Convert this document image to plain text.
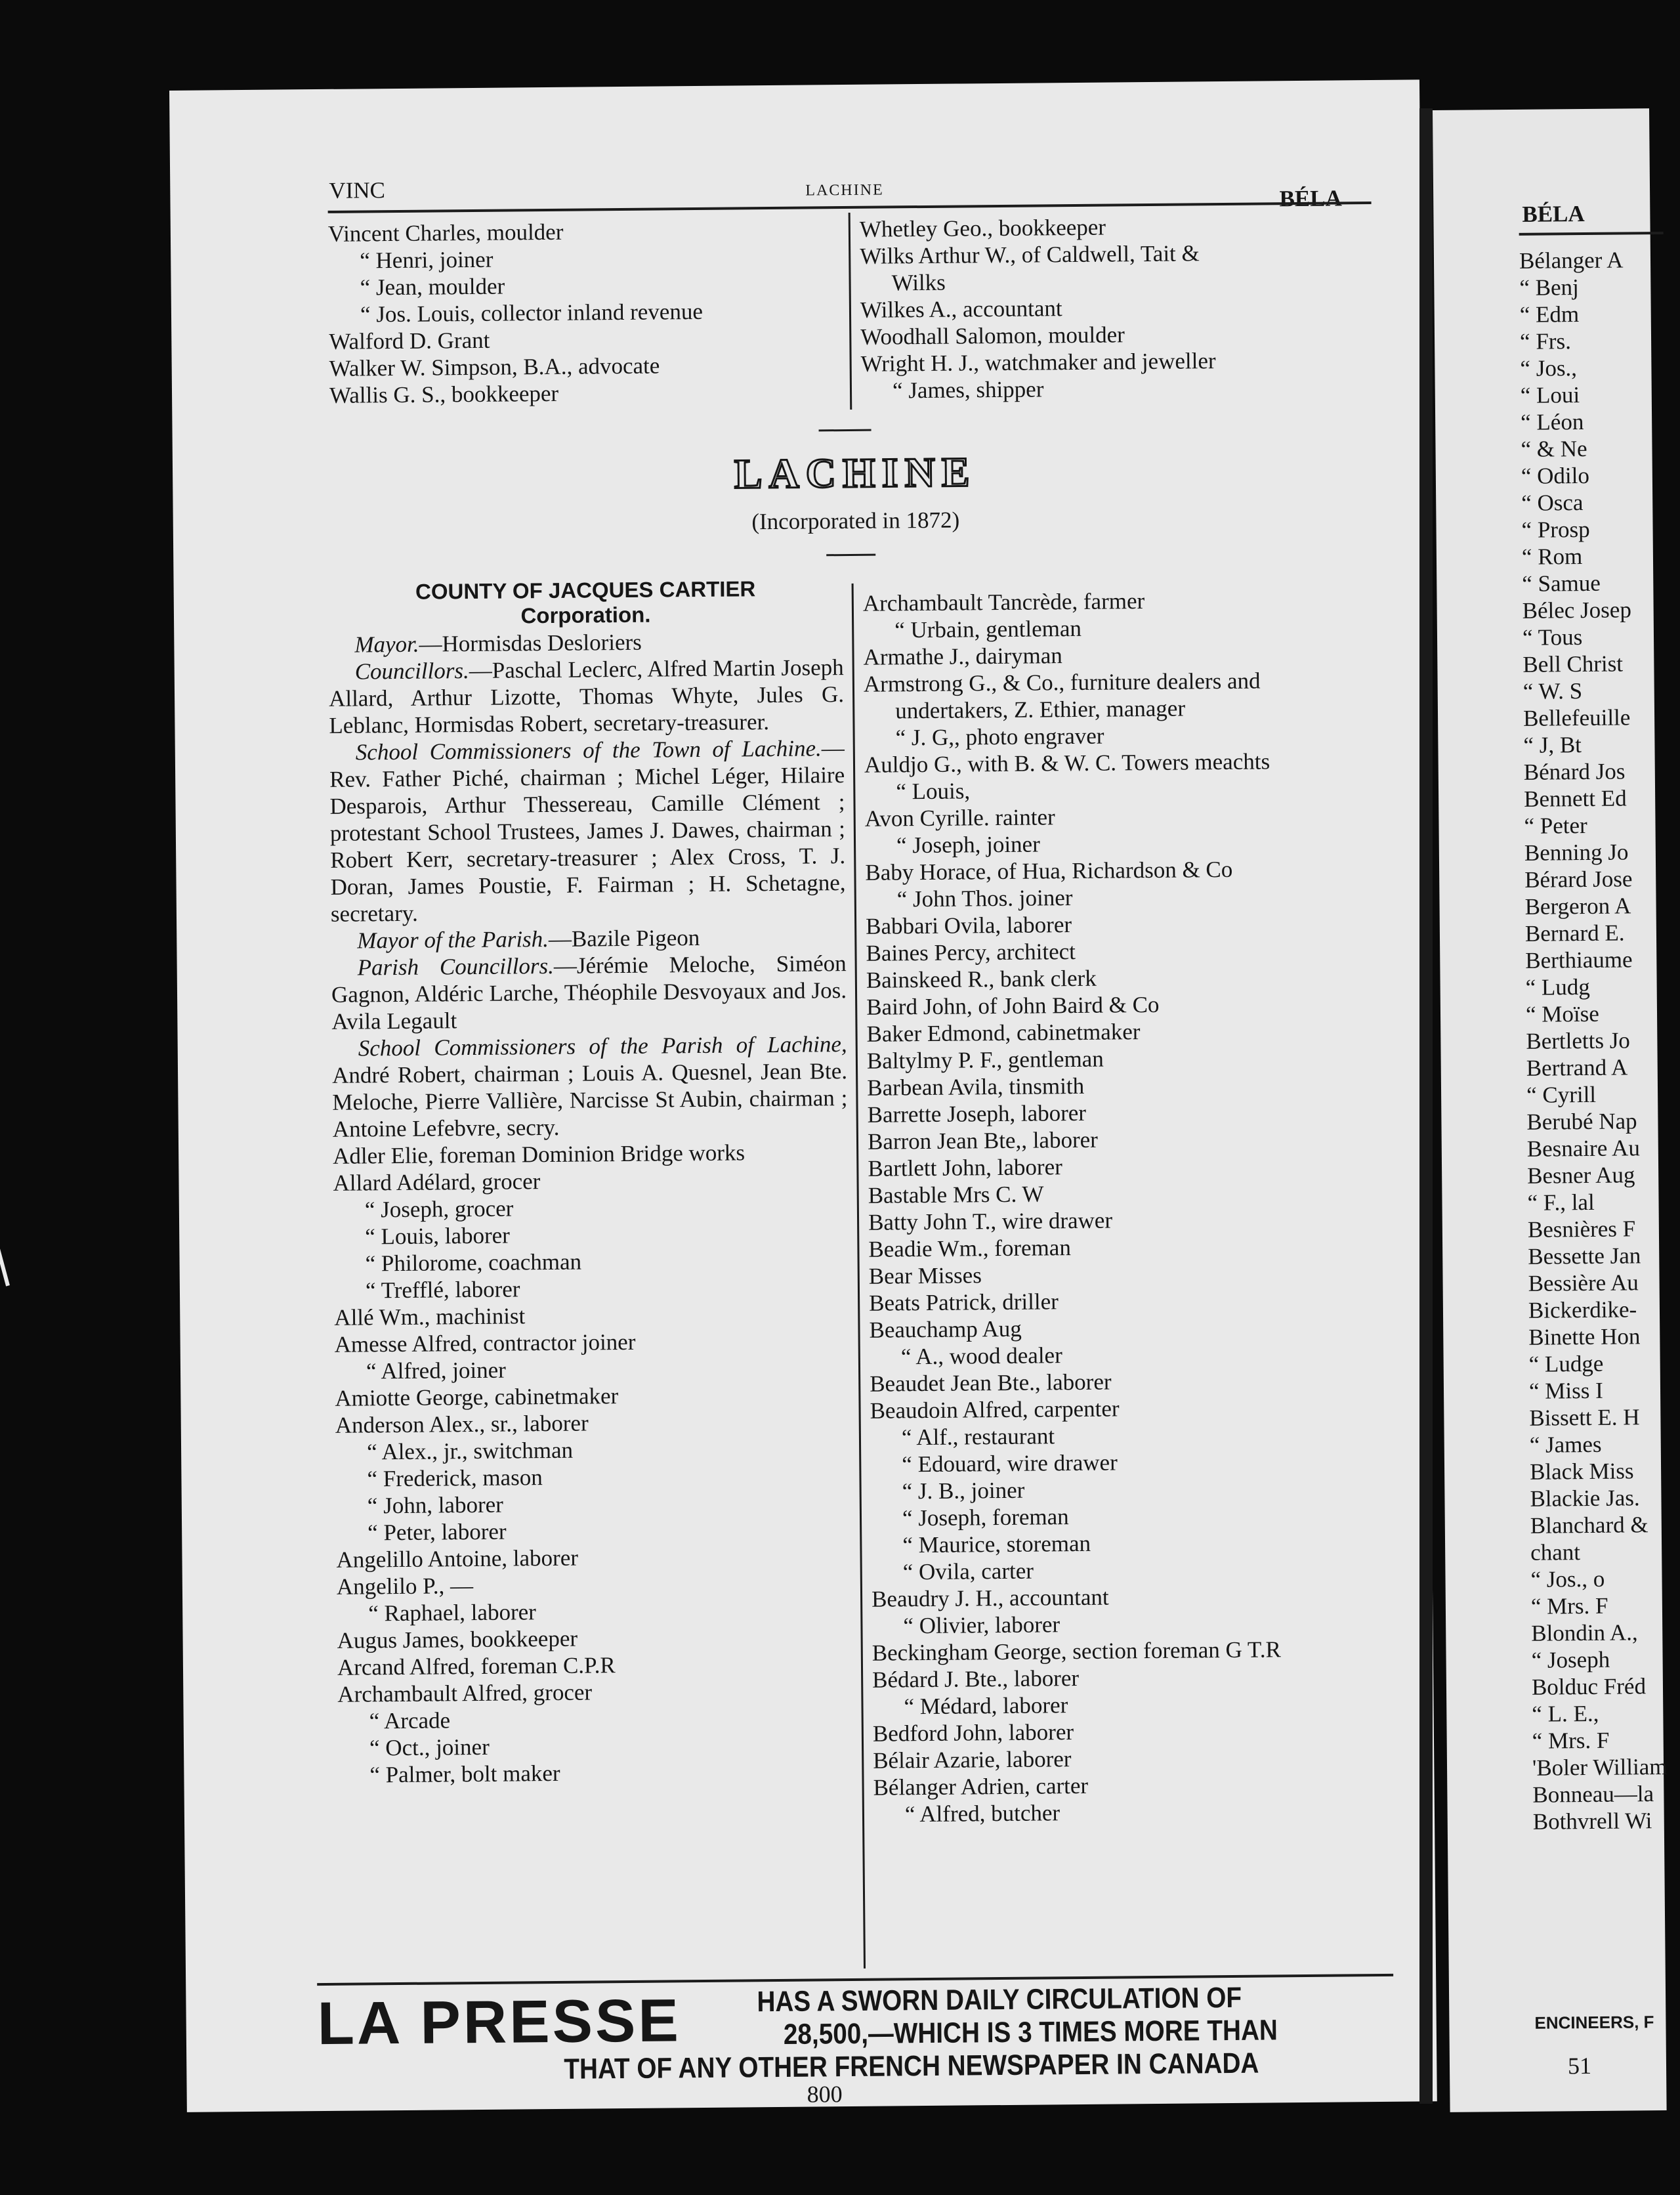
VINC	LACHINE	BÉLA
Vincent Charles, moulder
“ Henri, joiner
“ Jean, moulder
“ Jos. Louis, collector inland revenue
Walford D. Grant
Walker W. Simpson, B.A., advocate
Wallis G. S., bookkeeper
Whetley Geo., bookkeeper
Wilks Arthur W., of Caldwell, Tait &
Wilks
Wilkes A., accountant
Woodhall Salomon, moulder
Wright H. J., watchmaker and jeweller
“ James, shipper
LACHINE
(Incorporated in 1872)
COUNTY OF JACQUES CARTIER
Corporation.
Mayor.—Hormisdas Desloriers
Councillors.—Paschal Leclerc, Alfred Martin Joseph Allard, Arthur Lizotte, Thomas Whyte, Jules G. Leblanc, Hormisdas Robert, secretary-treasurer.
School Commissioners of the Town of Lachine.—Rev. Father Piché, chairman ; Michel Léger, Hilaire Desparois, Arthur Thessereau, Camille Clément ; protestant School Trustees, James J. Dawes, chairman ; Robert Kerr, secretary-treasurer ; Alex Cross, T. J. Doran, James Poustie, F. Fairman ; H. Schetagne, secretary.
Mayor of the Parish.—Bazile Pigeon
Parish Councillors.—Jérémie Meloche, Siméon Gagnon, Aldéric Larche, Théophile Desvoyaux and Jos. Avila Legault
School Commissioners of the Parish of Lachine, André Robert, chairman ; Louis A. Quesnel, Jean Bte. Meloche, Pierre Vallière, Narcisse St Aubin, chairman ; Antoine Lefebvre, secry.
Adler Elie, foreman Dominion Bridge works
Allard Adélard, grocer
“ Joseph, grocer
“ Louis, laborer
“ Philorome, coachman
“ Trefflé, laborer
Allé Wm., machinist
Amesse Alfred, contractor joiner
“ Alfred, joiner
Amiotte George, cabinetmaker
Anderson Alex., sr., laborer
“ Alex., jr., switchman
“ Frederick, mason
“ John, laborer
“ Peter, laborer
Angelillo Antoine, laborer
Angelilo P., —
“ Raphael, laborer
Augus James, bookkeeper
Arcand Alfred, foreman C.P.R
Archambault Alfred, grocer
“ Arcade
“ Oct., joiner
“ Palmer, bolt maker
Archambault Tancrède, farmer
“ Urbain, gentleman
Armathe J., dairyman
Armstrong G., & Co., furniture dealers and
undertakers, Z. Ethier, manager
“ J. G,, photo engraver
Auldjo G., with B. & W. C. Towers meachts
“ Louis,
Avon Cyrille. rainter
“ Joseph, joiner
Baby Horace, of Hua, Richardson & Co
“ John Thos. joiner
Babbari Ovila, laborer
Baines Percy, architect
Bainskeed R., bank clerk
Baird John, of John Baird & Co
Baker Edmond, cabinetmaker
Baltylmy P. F., gentleman
Barbean Avila, tinsmith
Barrette Joseph, laborer
Barron Jean Bte,, laborer
Bartlett John, laborer
Bastable Mrs C. W
Batty John T., wire drawer
Beadie Wm., foreman
Bear Misses
Beats Patrick, driller
Beauchamp Aug
“ A., wood dealer
Beaudet Jean Bte., laborer
Beaudoin Alfred, carpenter
“ Alf., restaurant
“ Edouard, wire drawer
“ J. B., joiner
“ Joseph, foreman
“ Maurice, storeman
“ Ovila, carter
Beaudry J. H., accountant
“ Olivier, laborer
Beckingham George, section foreman G T.R
Bédard J. Bte., laborer
“ Médard, laborer
Bedford John, laborer
Bélair Azarie, laborer
Bélanger Adrien, carter
“ Alfred, butcher
LA PRESSE	HAS A SWORN DAILY CIRCULATION OF
28,500,—WHICH IS 3 TIMES MORE THAN
THAT OF ANY OTHER FRENCH NEWSPAPER IN CANADA
800
BÉLA
Bélanger A
“ Benj
“ Edm
“ Frs.
“ Jos.,
“ Loui
“ Léon
“ & Ne
“ Odilo
“ Osca
“ Prosp
“ Rom
“ Samue
Bélec Josep
“ Tous
Bell Christ
“ W. S
Bellefeuille
“ J, Bt
Bénard Jos
Bennett Ed
“ Peter
Benning Jo
Bérard Jose
Bergeron A
Bernard E.
Berthiaume
“ Ludg
“ Moïse
Bertletts Jo
Bertrand A
“ Cyrill
Berubé Nap
Besnaire Au
Besner Aug
“ F., lal
Besnières F
Bessette Jan
Bessière Au
Bickerdike-
Binette Hon
“ Ludge
“ Miss I
Bissett E. H
“ James
Black Miss
Blackie Jas.
Blanchard &
chant
“ Jos., o
“ Mrs. F
Blondin A.,
“ Joseph
Bolduc Fréd
“ L. E.,
“ Mrs. F
'Boler William
Bonneau—la
Bothvrell Wi
ENCINEERS, F
51
